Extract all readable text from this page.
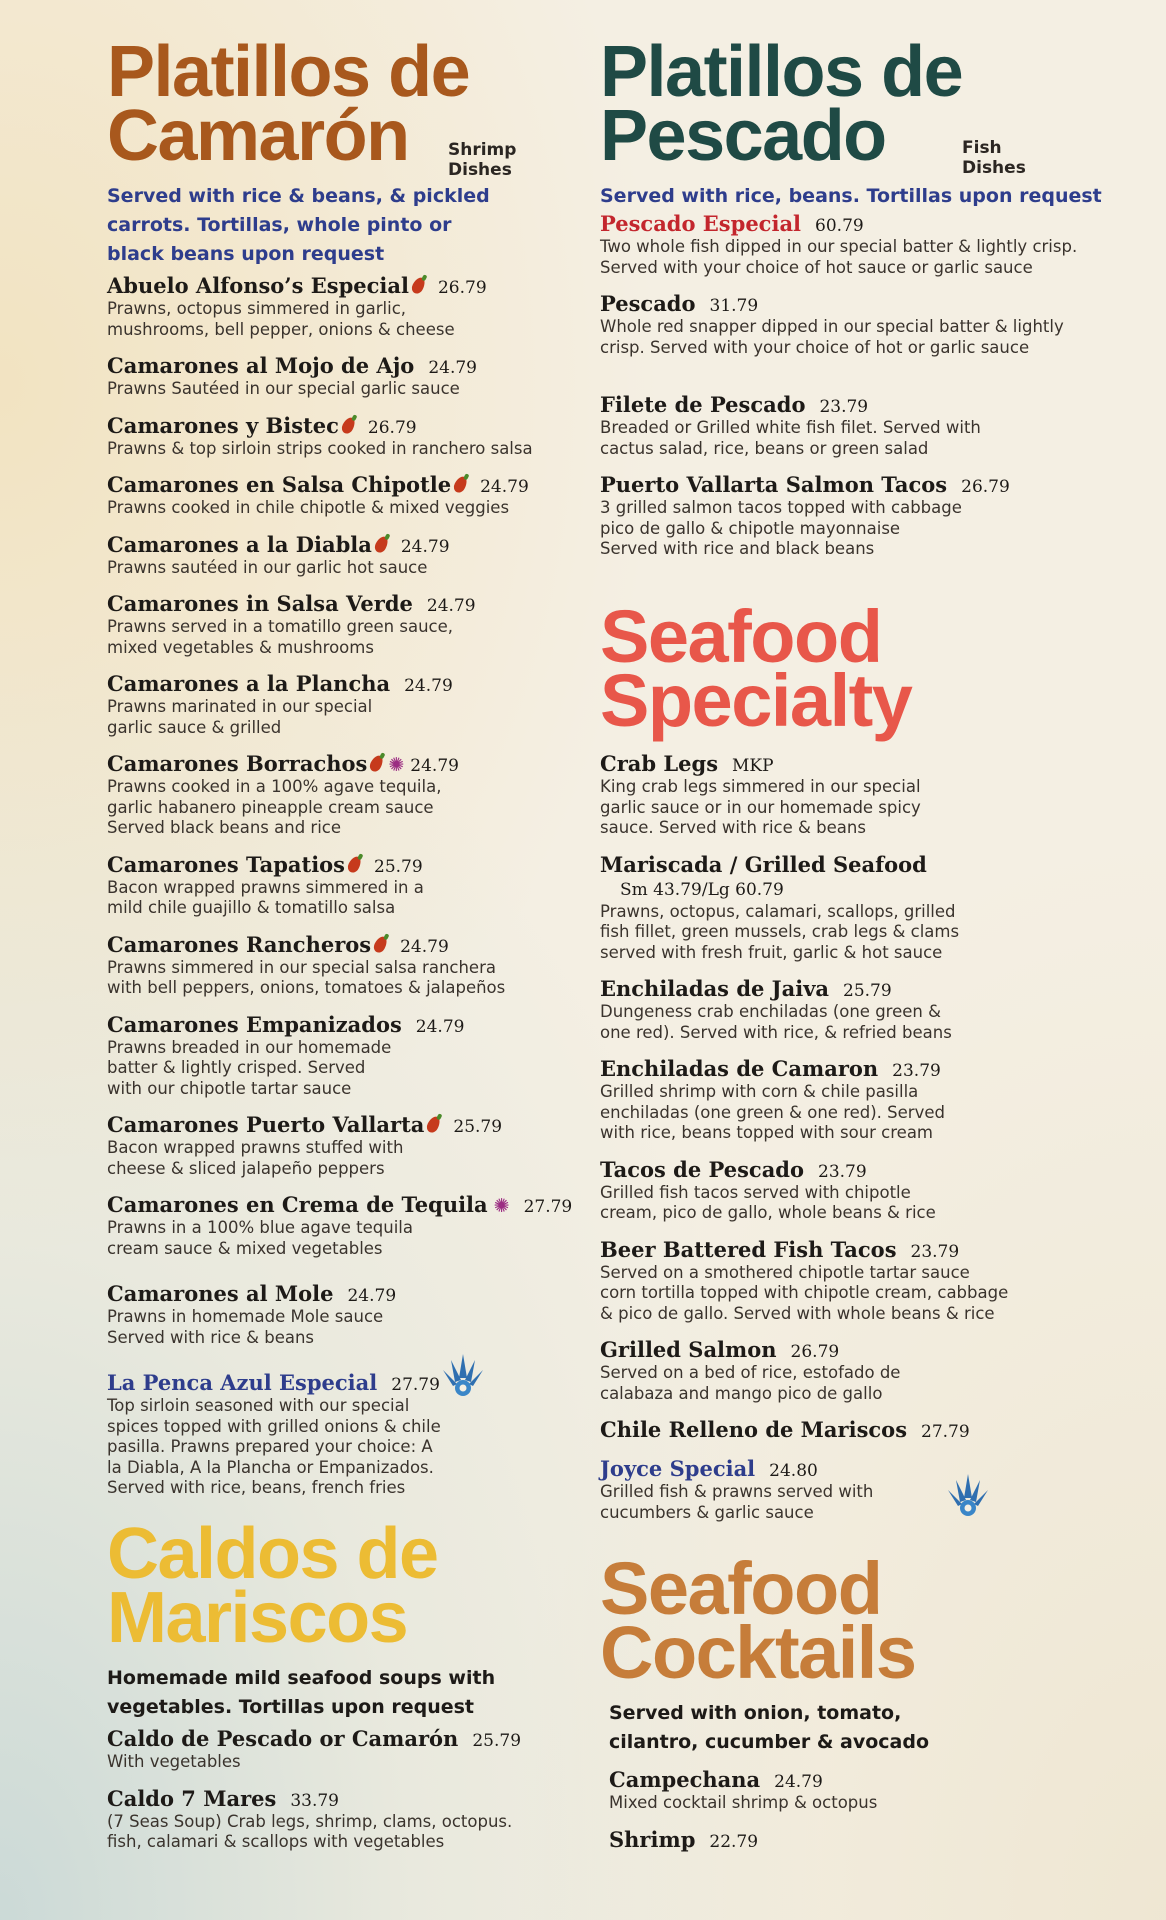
Platillos de
Camarón	Shrimp
Dishes
Served with rice & beans, & pickled
carrots. Tortillas, whole pinto or
black beans upon request
Abuelo Alfonso’s Especial 26.79
Prawns, octopus simmered in garlic,
mushrooms, bell pepper, onions & cheese
Camarones al Mojo de Ajo 24.79
Prawns Sautéed in our special garlic sauce
Camarones y Bistec 26.79
Prawns & top sirloin strips cooked in ranchero salsa
Camarones en Salsa Chipotle 24.79
Prawns cooked in chile chipotle & mixed veggies
Camarones a la Diabla 24.79
Prawns sautéed in our garlic hot sauce
Camarones in Salsa Verde 24.79
Prawns served in a tomatillo green sauce,
mixed vegetables & mushrooms
Camarones a la Plancha 24.79
Prawns marinated in our special
garlic sauce & grilled
Camarones Borrachos ✺ 24.79
Prawns cooked in a 100% agave tequila,
garlic habanero pineapple cream sauce
Served black beans and rice
Camarones Tapatios 25.79
Bacon wrapped prawns simmered in a
mild chile guajillo & tomatillo salsa
Camarones Rancheros 24.79
Prawns simmered in our special salsa ranchera
with bell peppers, onions, tomatoes & jalapeños
Camarones Empanizados 24.79
Prawns breaded in our homemade
batter & lightly crisped. Served
with our chipotle tartar sauce
Camarones Puerto Vallarta 25.79
Bacon wrapped prawns stuffed with
cheese & sliced jalapeño peppers
Camarones en Crema de Tequila ✺ 27.79
Prawns in a 100% blue agave tequila
cream sauce & mixed vegetables
Camarones al Mole 24.79
Prawns in homemade Mole sauce
Served with rice & beans
La Penca Azul Especial 27.79
Top sirloin seasoned with our special
spices topped with grilled onions & chile
pasilla. Prawns prepared your choice: A
la Diabla, A la Plancha or Empanizados.
Served with rice, beans, french fries
Caldos de
Mariscos
Homemade mild seafood soups with
vegetables. Tortillas upon request
Caldo de Pescado or Camarón 25.79
With vegetables
Caldo 7 Mares 33.79
(7 Seas Soup) Crab legs, shrimp, clams, octopus.
fish, calamari & scallops with vegetables
Platillos de
Pescado	Fish
Dishes
Served with rice, beans. Tortillas upon request
Pescado Especial 60.79
Two whole fish dipped in our special batter & lightly crisp.
Served with your choice of hot sauce or garlic sauce
Pescado 31.79
Whole red snapper dipped in our special batter & lightly
crisp. Served with your choice of hot or garlic sauce
Filete de Pescado 23.79
Breaded or Grilled white fish filet. Served with
cactus salad, rice, beans or green salad
Puerto Vallarta Salmon Tacos 26.79
3 grilled salmon tacos topped with cabbage
pico de gallo & chipotle mayonnaise
Served with rice and black beans
Seafood
Specialty
Crab Legs MKP
King crab legs simmered in our special
garlic sauce or in our homemade spicy
sauce. Served with rice & beans
Mariscada / Grilled Seafood
Sm 43.79/Lg 60.79
Prawns, octopus, calamari, scallops, grilled
fish fillet, green mussels, crab legs & clams
served with fresh fruit, garlic & hot sauce
Enchiladas de Jaiva 25.79
Dungeness crab enchiladas (one green &
one red). Served with rice, & refried beans
Enchiladas de Camaron 23.79
Grilled shrimp with corn & chile pasilla
enchiladas (one green & one red). Served
with rice, beans topped with sour cream
Tacos de Pescado 23.79
Grilled fish tacos served with chipotle
cream, pico de gallo, whole beans & rice
Beer Battered Fish Tacos 23.79
Served on a smothered chipotle tartar sauce
corn tortilla topped with chipotle cream, cabbage
& pico de gallo. Served with whole beans & rice
Grilled Salmon 26.79
Served on a bed of rice, estofado de
calabaza and mango pico de gallo
Chile Relleno de Mariscos 27.79
Joyce Special 24.80
Grilled fish & prawns served with
cucumbers & garlic sauce
Seafood
Cocktails
Served with onion, tomato,
cilantro, cucumber & avocado
Campechana 24.79
Mixed cocktail shrimp & octopus
Shrimp 22.79
